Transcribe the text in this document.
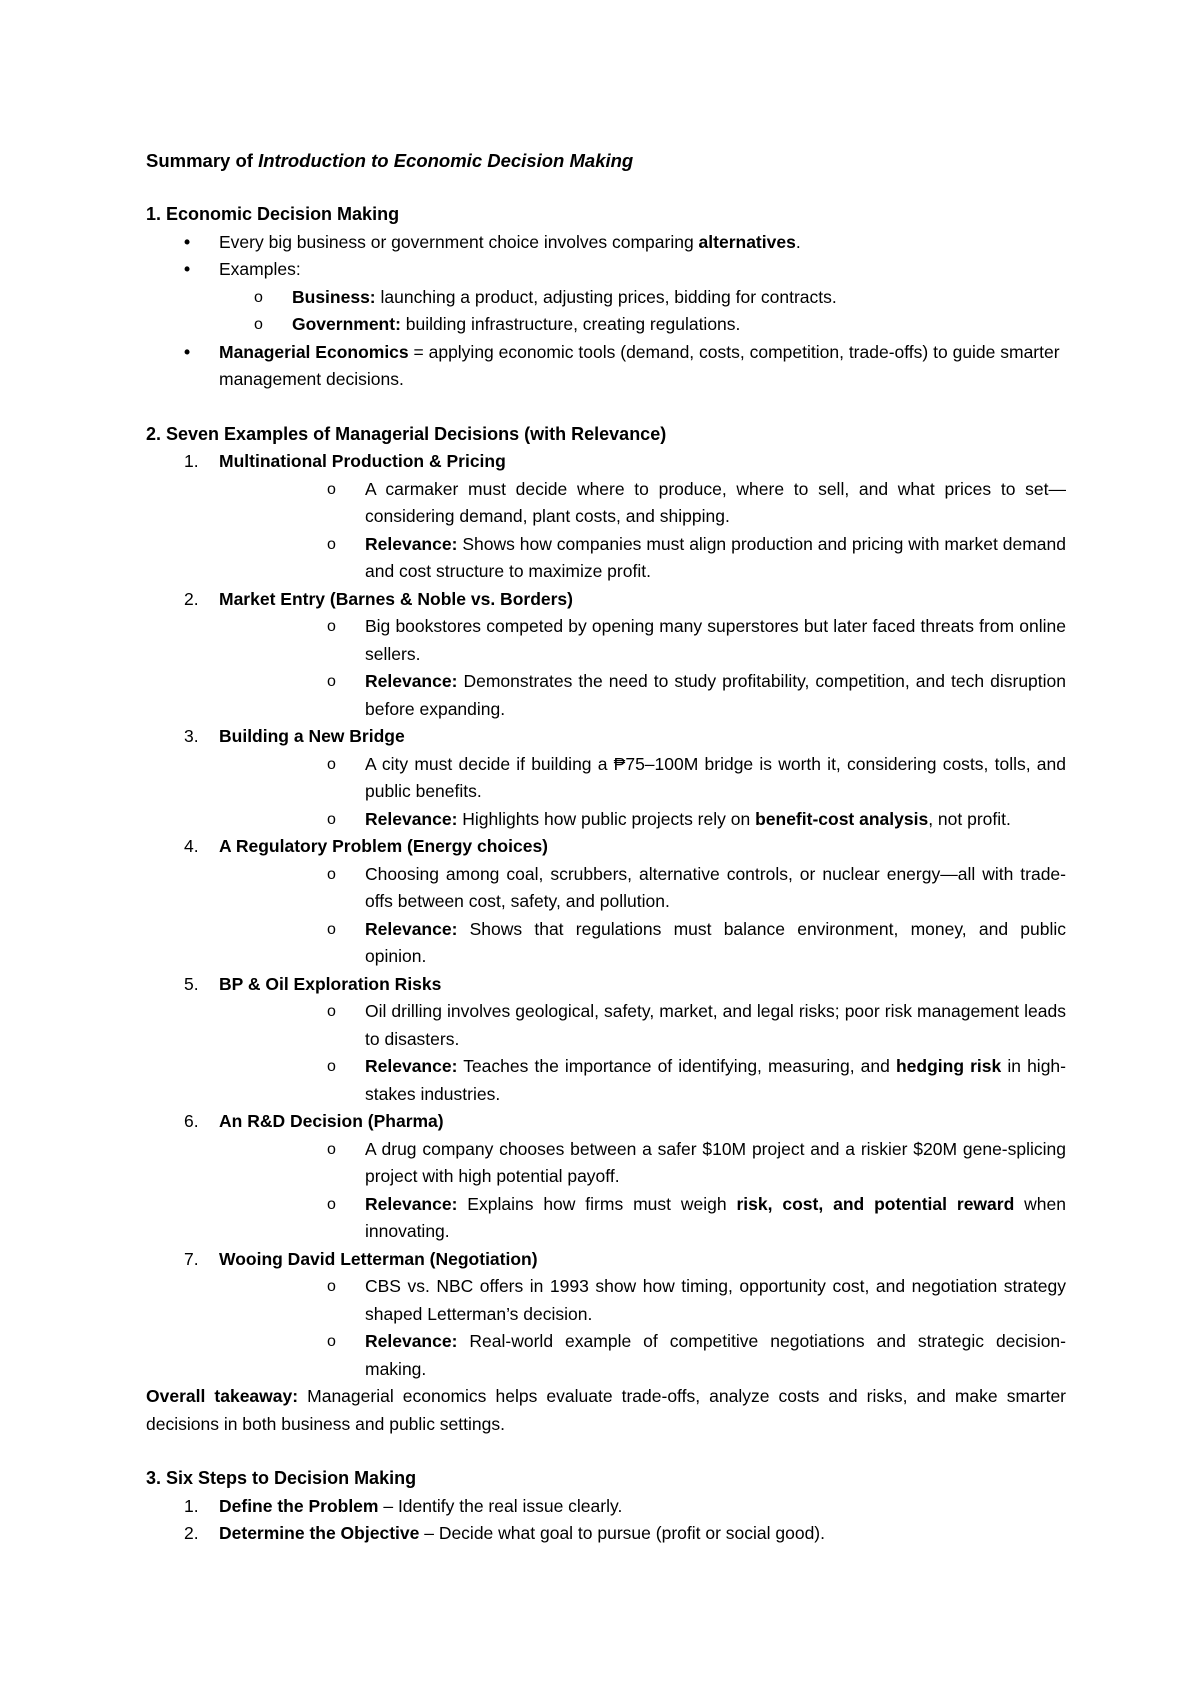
Summary of Introduction to Economic Decision Making

1. Economic Decision Making

• Every big business or government choice involves comparing alternatives.
• Examples:
o Business: launching a product, adjusting prices, bidding for contracts.
o Government: building infrastructure, creating regulations.
• Managerial Economics = applying economic tools (demand, costs, competition, trade-offs) to guide smarter management decisions.

2. Seven Examples of Managerial Decisions (with Relevance)

1. Multinational Production & Pricing
o A carmaker must decide where to produce, where to sell, and what prices to set—considering demand, plant costs, and shipping.
o Relevance: Shows how companies must align production and pricing with market demand and cost structure to maximize profit.
2. Market Entry (Barnes & Noble vs. Borders)
o Big bookstores competed by opening many superstores but later faced threats from online sellers.
o Relevance: Demonstrates the need to study profitability, competition, and tech disruption before expanding.
3. Building a New Bridge
o A city must decide if building a ₱75–100M bridge is worth it, considering costs, tolls, and public benefits.
o Relevance: Highlights how public projects rely on benefit-cost analysis, not profit.
4. A Regulatory Problem (Energy choices)
o Choosing among coal, scrubbers, alternative controls, or nuclear energy—all with trade-offs between cost, safety, and pollution.
o Relevance: Shows that regulations must balance environment, money, and public opinion.
5. BP & Oil Exploration Risks
o Oil drilling involves geological, safety, market, and legal risks; poor risk management leads to disasters.
o Relevance: Teaches the importance of identifying, measuring, and hedging risk in high-stakes industries.
6. An R&D Decision (Pharma)
o A drug company chooses between a safer $10M project and a riskier $20M gene-splicing project with high potential payoff.
o Relevance: Explains how firms must weigh risk, cost, and potential reward when innovating.
7. Wooing David Letterman (Negotiation)
o CBS vs. NBC offers in 1993 show how timing, opportunity cost, and negotiation strategy shaped Letterman’s decision.
o Relevance: Real-world example of competitive negotiations and strategic decision-making.

Overall takeaway: Managerial economics helps evaluate trade-offs, analyze costs and risks, and make smarter decisions in both business and public settings.

3. Six Steps to Decision Making

1. Define the Problem – Identify the real issue clearly.
2. Determine the Objective – Decide what goal to pursue (profit or social good).
